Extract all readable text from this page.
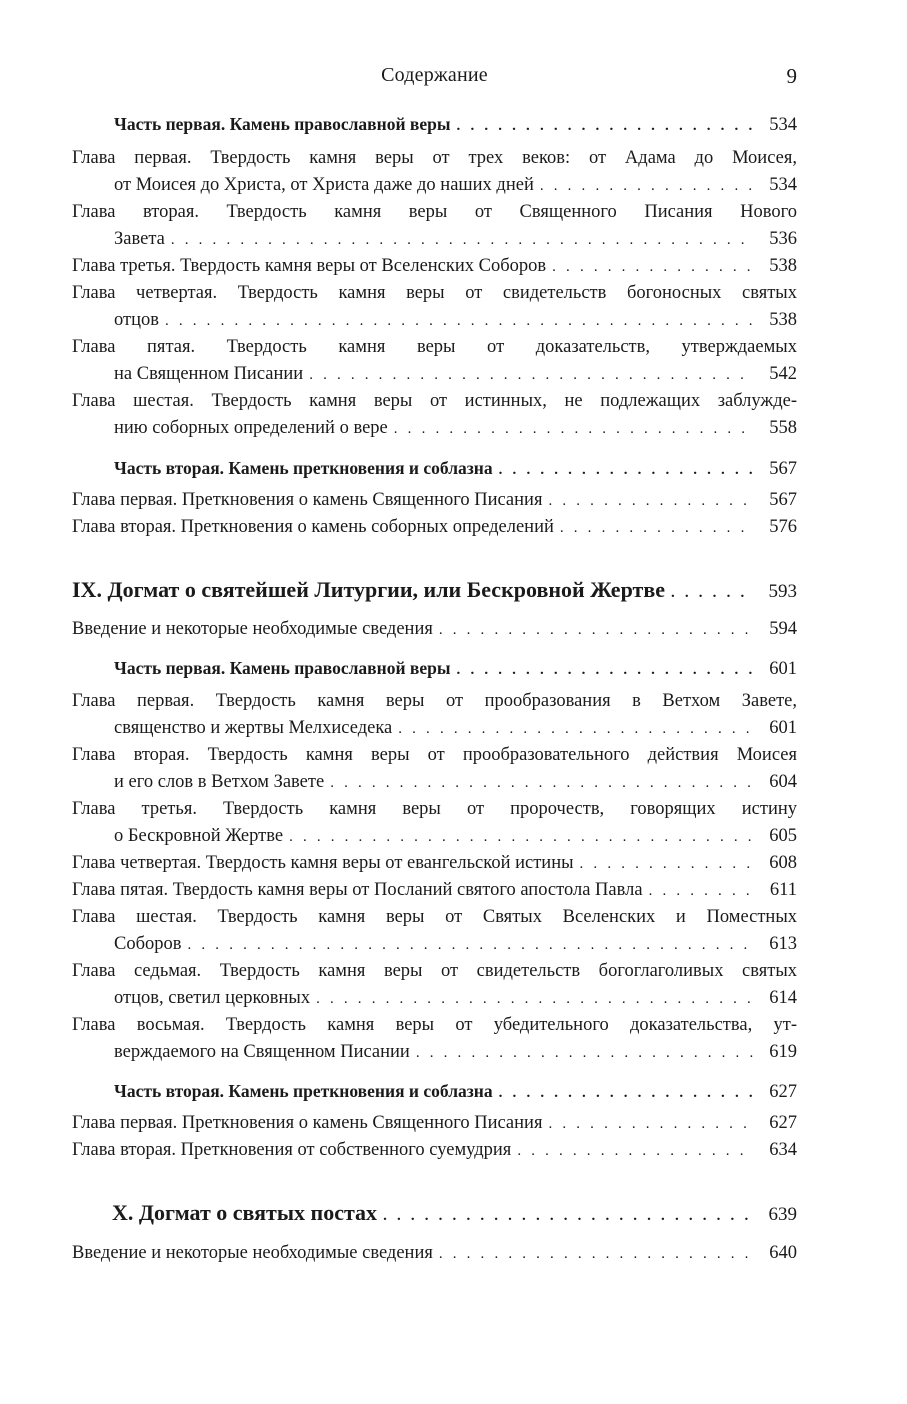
Содержание	9
Часть первая. Камень православной веры . . .	534
Глава первая. Твердость камня веры от трех веков: от Адама до Моисея,
от Моисея до Христа, от Христа даже до наших дней . . .	534
Глава вторая. Твердость камня веры от Священного Писания Нового
Завета . . .	536
Глава третья. Твердость камня веры от Вселенских Соборов . . .	538
Глава четвертая. Твердость камня веры от свидетельств богоносных святых
отцов . . .	538
Глава пятая. Твердость камня веры от доказательств, утверждаемых
на Священном Писании . . .	542
Глава шестая. Твердость камня веры от истинных, не подлежащих заблужде-
нию соборных определений о вере . . .	558
Часть вторая. Камень преткновения и соблазна . . .	567
Глава первая. Преткновения о камень Священного Писания . . .	567
Глава вторая. Преткновения о камень соборных определений . . .	576
IX. Догмат о святейшей Литургии, или Бескровной Жертве . . .	593
Введение и некоторые необходимые сведения . . .	594
Часть первая. Камень православной веры . . .	601
Глава первая. Твердость камня веры от прообразования в Ветхом Завете,
священство и жертвы Мелхиседека . . .	601
Глава вторая. Твердость камня веры от прообразовательного действия Моисея
и его слов в Ветхом Завете . . .	604
Глава третья. Твердость камня веры от пророчеств, говорящих истину
о Бескровной Жертве . . .	605
Глава четвертая. Твердость камня веры от евангельской истины . . .	608
Глава пятая. Твердость камня веры от Посланий святого апостола Павла . . .	611
Глава шестая. Твердость камня веры от Святых Вселенских и Поместных
Соборов . . .	613
Глава седьмая. Твердость камня веры от свидетельств богоглаголивых святых
отцов, светил церковных . . .	614
Глава восьмая. Твердость камня веры от убедительного доказательства, ут-
верждаемого на Священном Писании . . .	619
Часть вторая. Камень преткновения и соблазна . . .	627
Глава первая. Преткновения о камень Священного Писания . . .	627
Глава вторая. Преткновения от собственного суемудрия . . .	634
X. Догмат о святых постах . . .	639
Введение и некоторые необходимые сведения . . .	640
